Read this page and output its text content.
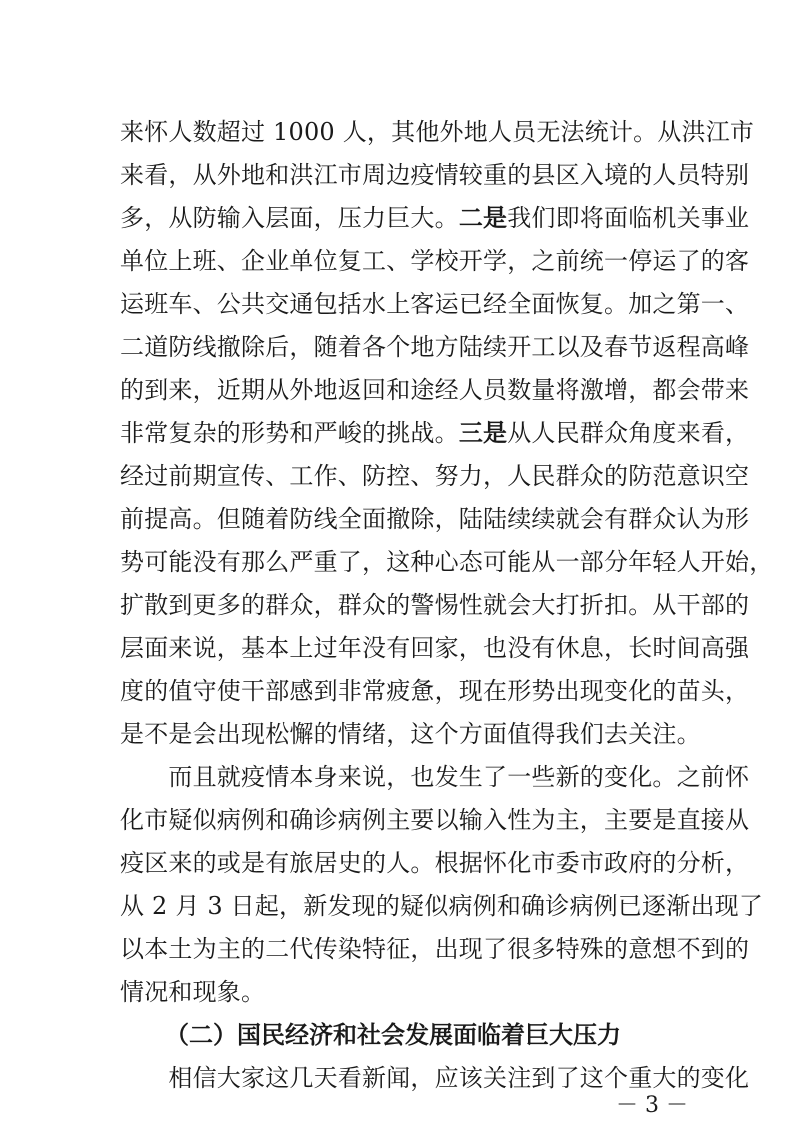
来怀人数超过 1000 人，其他外地人员无法统计。从洪江市
来看，从外地和洪江市周边疫情较重的县区入境的人员特别
多，从防输入层面，压力巨大。二是我们即将面临机关事业
单位上班、企业单位复工、学校开学，之前统一停运了的客
运班车、公共交通包括水上客运已经全面恢复。加之第一、
二道防线撤除后，随着各个地方陆续开工以及春节返程高峰
的到来，近期从外地返回和途经人员数量将激增，都会带来
非常复杂的形势和严峻的挑战。三是从人民群众角度来看，
经过前期宣传、工作、防控、努力，人民群众的防范意识空
前提高。但随着防线全面撤除，陆陆续续就会有群众认为形
势可能没有那么严重了，这种心态可能从一部分年轻人开始，
扩散到更多的群众，群众的警惕性就会大打折扣。从干部的
层面来说，基本上过年没有回家，也没有休息，长时间高强
度的值守使干部感到非常疲惫，现在形势出现变化的苗头，
是不是会出现松懈的情绪，这个方面值得我们去关注。
　　而且就疫情本身来说，也发生了一些新的变化。之前怀
化市疑似病例和确诊病例主要以输入性为主，主要是直接从
疫区来的或是有旅居史的人。根据怀化市委市政府的分析，
从 2 月 3 日起，新发现的疑似病例和确诊病例已逐渐出现了
以本土为主的二代传染特征，出现了很多特殊的意想不到的
情况和现象。
（二）国民经济和社会发展面临着巨大压力
　　相信大家这几天看新闻，应该关注到了这个重大的变化
－ 3 －
